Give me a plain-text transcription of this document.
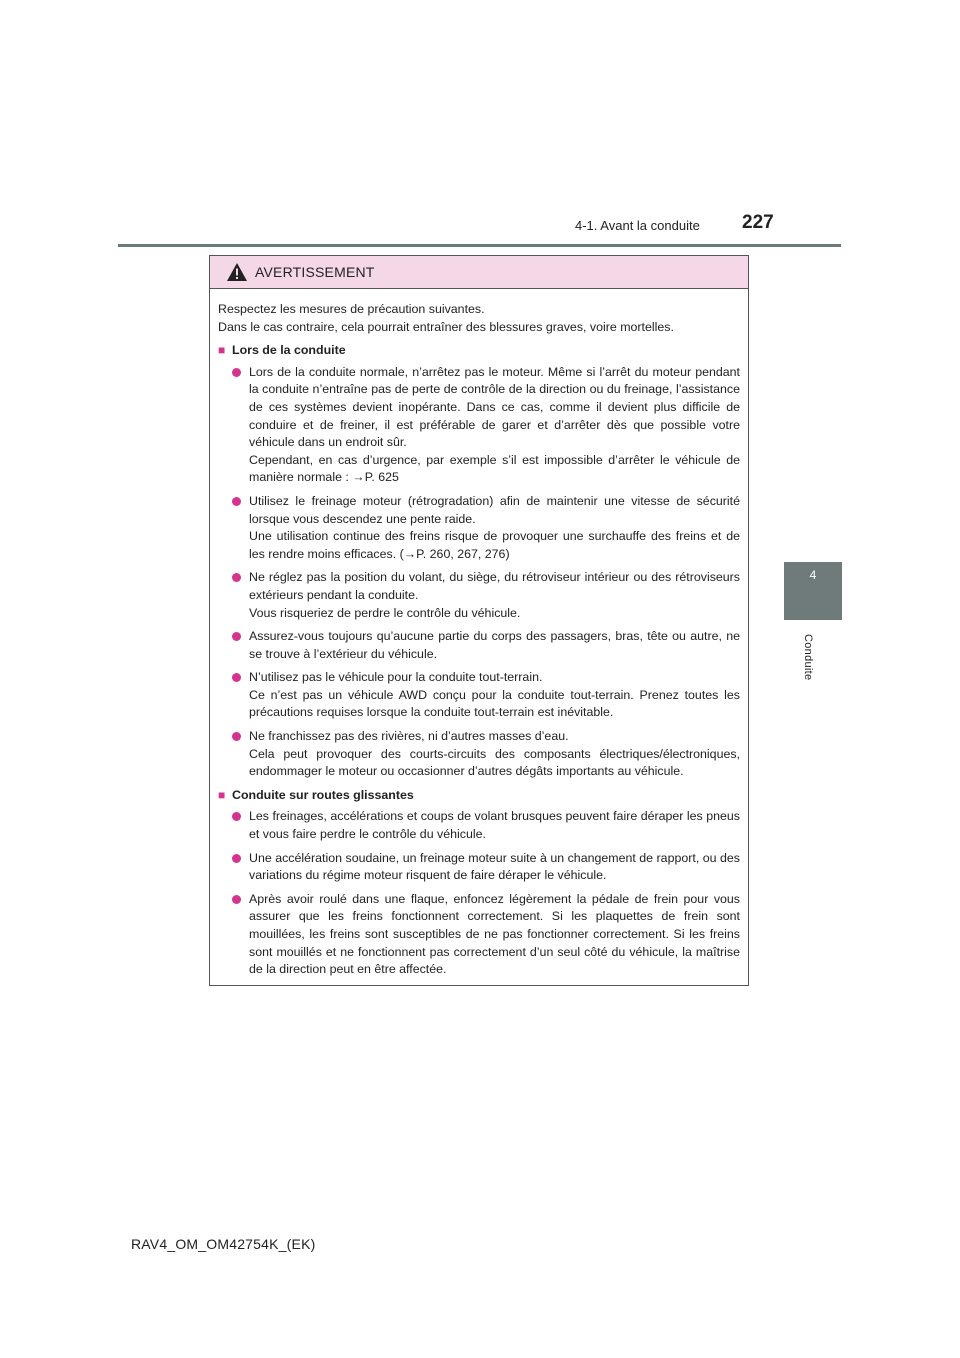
4-1. Avant la conduite 227
4
Conduite
AVERTISSEMENT

Respectez les mesures de précaution suivantes.

Dans le cas contraire, cela pourrait entraîner des blessures graves, voire mortelles.

■ Lors de la conduite

Lors de la conduite normale, n’arrêtez pas le moteur. Même si l’arrêt du moteur pendant la conduite n’entraîne pas de perte de contrôle de la direction ou du freinage, l’assistance de ces systèmes devient inopérante. Dans ce cas, comme il devient plus difficile de conduire et de freiner, il est préférable de garer et d’arrêter dès que possible votre véhicule dans un endroit sûr.

Cependant, en cas d’urgence, par exemple s’il est impossible d’arrêter le véhicule de manière normale : →P. 625

Utilisez le freinage moteur (rétrogradation) afin de maintenir une vitesse de sécurité lorsque vous descendez une pente raide.

Une utilisation continue des freins risque de provoquer une surchauffe des freins et de les rendre moins efficaces. (→P. 260, 267, 276)

Ne réglez pas la position du volant, du siège, du rétroviseur intérieur ou des rétroviseurs extérieurs pendant la conduite.

Vous risqueriez de perdre le contrôle du véhicule.

Assurez-vous toujours qu’aucune partie du corps des passagers, bras, tête ou autre, ne se trouve à l’extérieur du véhicule.

N’utilisez pas le véhicule pour la conduite tout-terrain.

Ce n’est pas un véhicule AWD conçu pour la conduite tout-terrain. Prenez toutes les précautions requises lorsque la conduite tout-terrain est inévitable.

Ne franchissez pas des rivières, ni d’autres masses d’eau.

Cela peut provoquer des courts-circuits des composants électriques/électroniques, endommager le moteur ou occasionner d’autres dégâts importants au véhicule.

■ Conduite sur routes glissantes

Les freinages, accélérations et coups de volant brusques peuvent faire déraper les pneus et vous faire perdre le contrôle du véhicule.

Une accélération soudaine, un freinage moteur suite à un changement de rapport, ou des variations du régime moteur risquent de faire déraper le véhicule.

Après avoir roulé dans une flaque, enfoncez légèrement la pédale de frein pour vous assurer que les freins fonctionnent correctement. Si les plaquettes de frein sont mouillées, les freins sont susceptibles de ne pas fonctionner correctement. Si les freins sont mouillés et ne fonctionnent pas correctement d’un seul côté du véhicule, la maîtrise de la direction peut en être affectée.

RAV4_OM_OM42754K_(EK)
